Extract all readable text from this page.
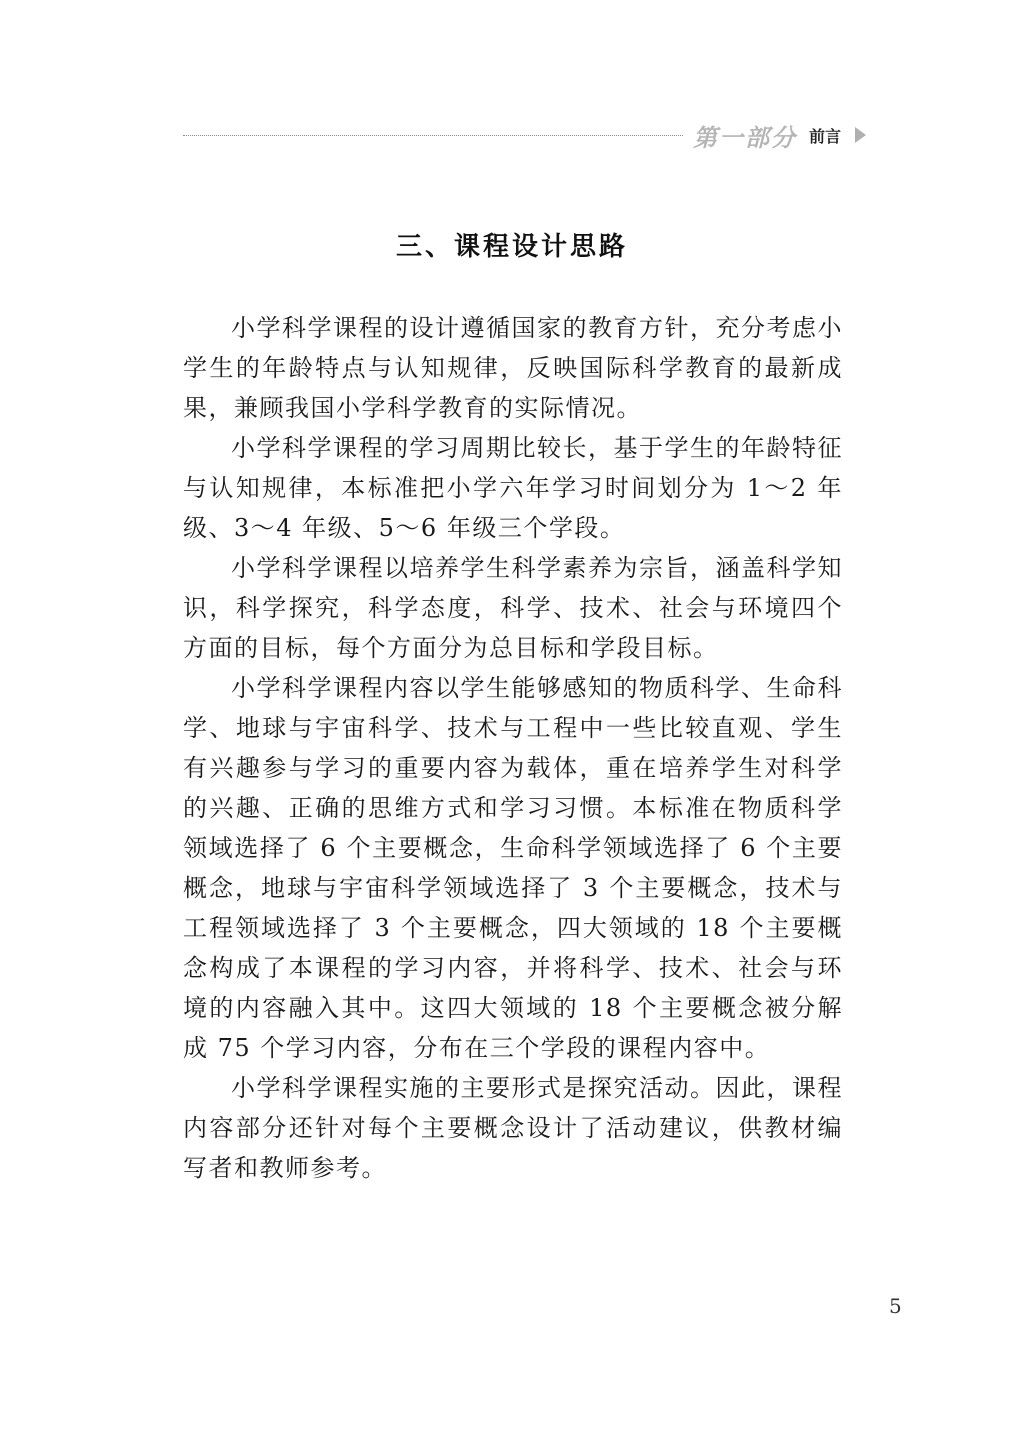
第一部分 前言
三、课程设计思路

小学科学课程的设计遵循国家的教育方针，充分考虑小学生的年龄特点与认知规律，反映国际科学教育的最新成果，兼顾我国小学科学教育的实际情况。

小学科学课程的学习周期比较长，基于学生的年龄特征与认知规律，本标准把小学六年学习时间划分为 1～2 年级、3～4 年级、5～6 年级三个学段。

小学科学课程以培养学生科学素养为宗旨，涵盖科学知识，科学探究，科学态度，科学、技术、社会与环境四个方面的目标，每个方面分为总目标和学段目标。

小学科学课程内容以学生能够感知的物质科学、生命科学、地球与宇宙科学、技术与工程中一些比较直观、学生有兴趣参与学习的重要内容为载体，重在培养学生对科学的兴趣、正确的思维方式和学习习惯。本标准在物质科学领域选择了 6 个主要概念，生命科学领域选择了 6 个主要概念，地球与宇宙科学领域选择了 3 个主要概念，技术与工程领域选择了 3 个主要概念，四大领域的 18 个主要概念构成了本课程的学习内容，并将科学、技术、社会与环境的内容融入其中。这四大领域的 18 个主要概念被分解成 75 个学习内容，分布在三个学段的课程内容中。

小学科学课程实施的主要形式是探究活动。因此，课程内容部分还针对每个主要概念设计了活动建议，供教材编写者和教师参考。

5
